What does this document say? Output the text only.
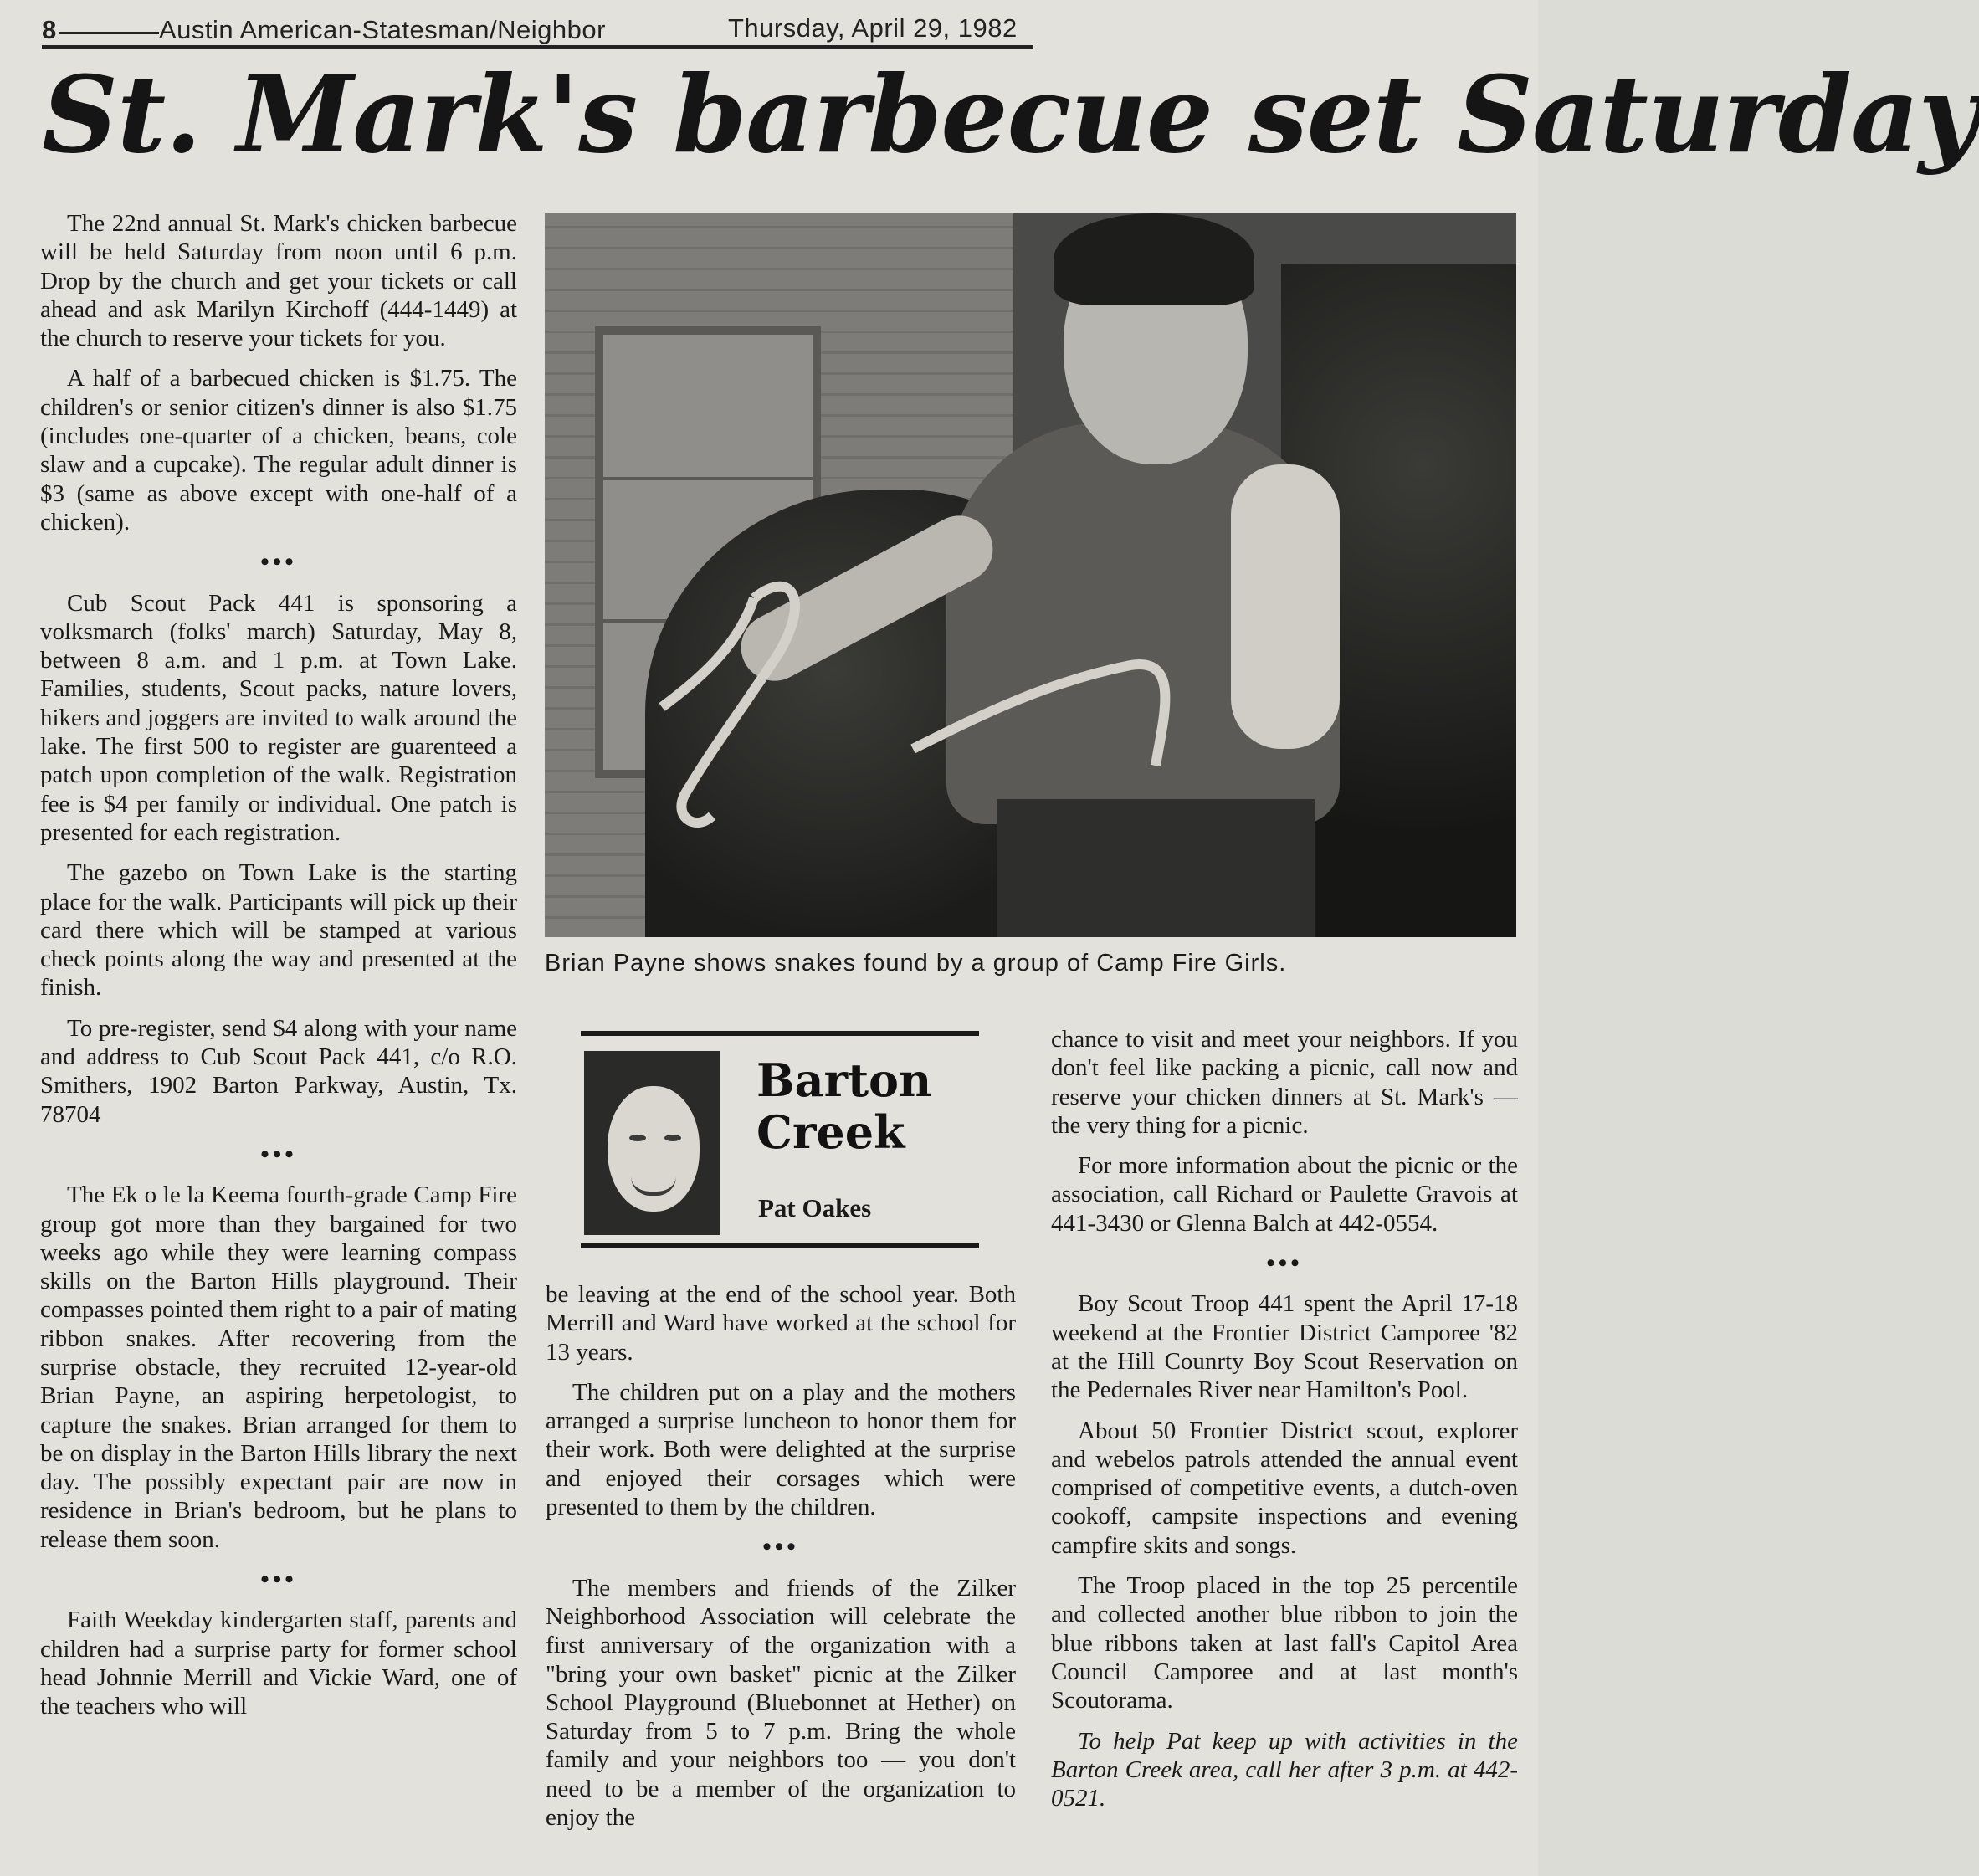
8	Austin American-Statesman/Neighbor	Thursday, April 29, 1982
St. Mark's barbecue set Saturday

The 22nd annual St. Mark's chicken barbecue will be held Saturday from noon until 6 p.m. Drop by the church and get your tickets or call ahead and ask Marilyn Kirchoff (444-1449) at the church to reserve your tickets for you.

A half of a barbecued chicken is $1.75. The children's or senior citizen's dinner is also $1.75 (includes one-quarter of a chicken, beans, cole slaw and a cupcake). The regular adult dinner is $3 (same as above except with one-half of a chicken).

•••

Cub Scout Pack 441 is sponsoring a volksmarch (folks' march) Saturday, May 8, between 8 a.m. and 1 p.m. at Town Lake. Families, students, Scout packs, nature lovers, hikers and joggers are invited to walk around the lake. The first 500 to register are guarenteed a patch upon completion of the walk. Registration fee is $4 per family or individual. One patch is presented for each registration.

The gazebo on Town Lake is the starting place for the walk. Participants will pick up their card there which will be stamped at various check points along the way and presented at the finish.

To pre-register, send $4 along with your name and address to Cub Scout Pack 441, c/o R.O. Smithers, 1902 Barton Parkway, Austin, Tx. 78704

•••

The Ek o le la Keema fourth-grade Camp Fire group got more than they bargained for two weeks ago while they were learning compass skills on the Barton Hills playground. Their compasses pointed them right to a pair of mating ribbon snakes. After recovering from the surprise obstacle, they recruited 12-year-old Brian Payne, an aspiring herpetologist, to capture the snakes. Brian arranged for them to be on display in the Barton Hills library the next day. The possibly expectant pair are now in residence in Brian's bedroom, but he plans to release them soon.

•••

Faith Weekday kindergarten staff, parents and children had a surprise party for former school head Johnnie Merrill and Vickie Ward, one of the teachers who will

Brian Payne shows snakes found by a group of Camp Fire Girls.
Barton
Creek
Pat Oakes

be leaving at the end of the school year. Both Merrill and Ward have worked at the school for 13 years.

The children put on a play and the mothers arranged a surprise luncheon to honor them for their work. Both were delighted at the surprise and enjoyed their corsages which were presented to them by the children.

•••

The members and friends of the Zilker Neighborhood Association will celebrate the first anniversary of the organization with a "bring your own basket" picnic at the Zilker School Playground (Bluebonnet at Hether) on Saturday from 5 to 7 p.m. Bring the whole family and your neighbors too — you don't need to be a member of the organization to enjoy the

chance to visit and meet your neighbors. If you don't feel like packing a picnic, call now and reserve your chicken dinners at St. Mark's — the very thing for a picnic.

For more information about the picnic or the association, call Richard or Paulette Gravois at 441-3430 or Glenna Balch at 442-0554.

•••

Boy Scout Troop 441 spent the April 17-18 weekend at the Frontier District Camporee '82 at the Hill Counrty Boy Scout Reservation on the Pedernales River near Hamilton's Pool.

About 50 Frontier District scout, explorer and webelos patrols attended the annual event comprised of competitive events, a dutch-oven cookoff, campsite inspections and evening campfire skits and songs.

The Troop placed in the top 25 percentile and collected another blue ribbon to join the blue ribbons taken at last fall's Capitol Area Council Camporee and at last month's Scoutorama.

To help Pat keep up with activities in the Barton Creek area, call her after 3 p.m. at 442-0521.
